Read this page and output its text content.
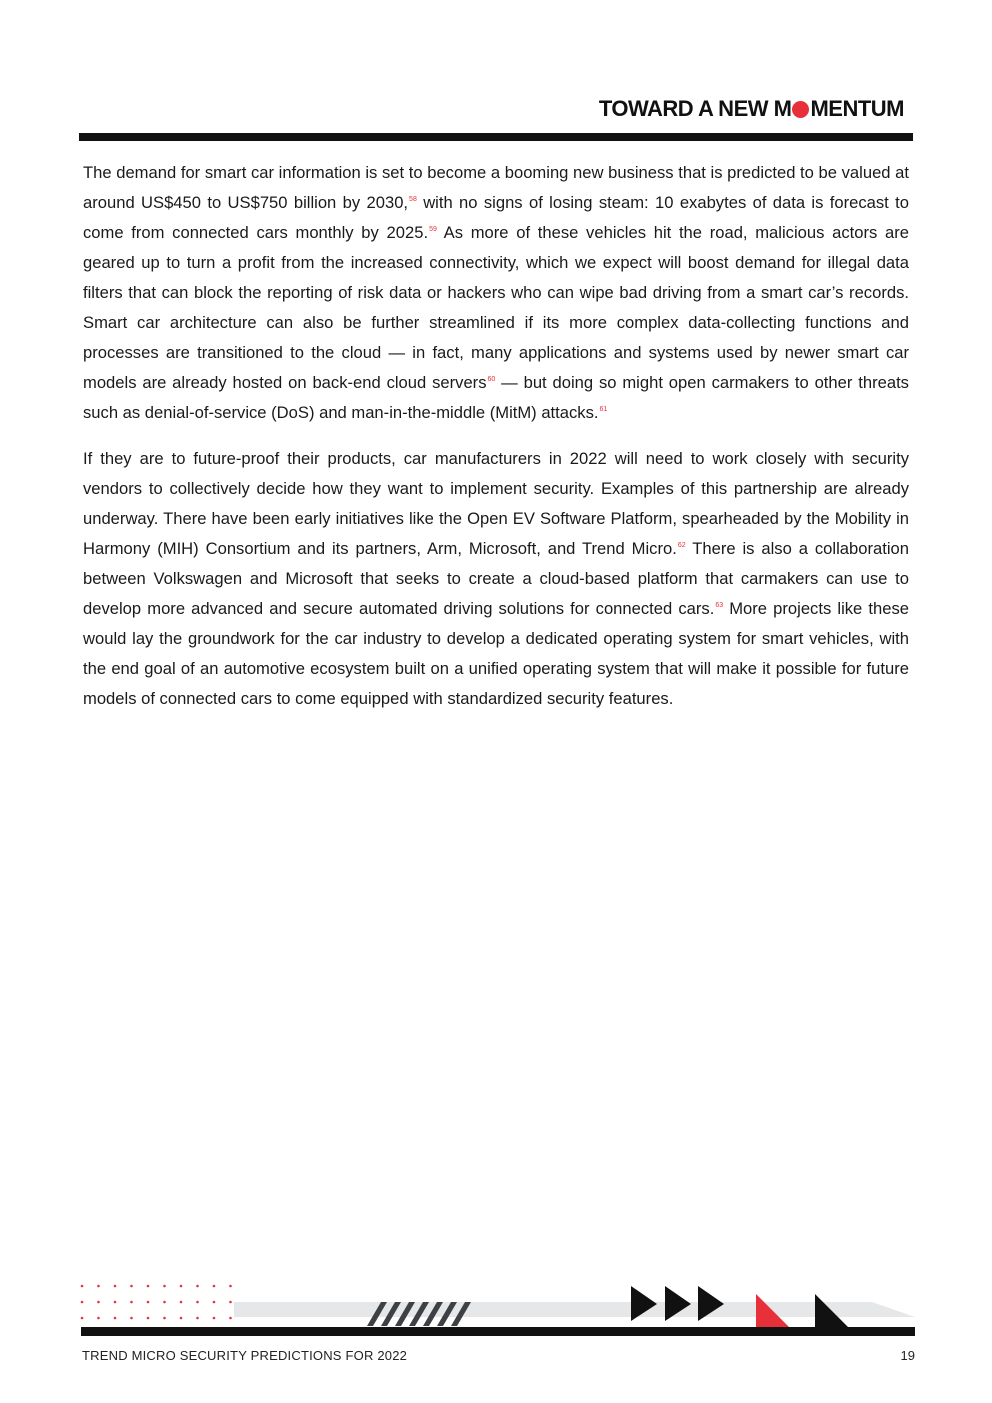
TOWARD A NEW M MENTUM

The demand for smart car information is set to become a booming new business that is predicted to be valued at around US$450 to US$750 billion by 2030,58 with no signs of losing steam: 10 exabytes of data is forecast to come from connected cars monthly by 2025.59 As more of these vehicles hit the road, malicious actors are geared up to turn a profit from the increased connectivity, which we expect will boost demand for illegal data filters that can block the reporting of risk data or hackers who can wipe bad driving from a smart car’s records. Smart car architecture can also be further streamlined if its more complex data-collecting functions and processes are transitioned to the cloud — in fact, many applications and systems used by newer smart car models are already hosted on back-end cloud servers$^{60}$ — but doing so might open carmakers to other threats such as denial-of-service (DoS) and man-in-the-middle (MitM) attacks.$^{61}$

If they are to future-proof their products, car manufacturers in 2022 will need to work closely with security vendors to collectively decide how they want to implement security. Examples of this partnership are already underway. There have been early initiatives like the Open EV Software Platform, spearheaded by the Mobility in Harmony (MIH) Consortium and its partners, Arm, Microsoft, and Trend Micro.$^{62}$ There is also a collaboration between Volkswagen and Microsoft that seeks to create a cloud-based platform that carmakers can use to develop more advanced and secure automated driving solutions for connected cars.$^{63}$ More projects like these would lay the groundwork for the car industry to develop a dedicated operating system for smart vehicles, with the end goal of an automotive ecosystem built on a unified operating system that will make it possible for future models of connected cars to come equipped with standardized security features.

TREND MICRO SECURITY PREDICTIONS FOR 2022	19
